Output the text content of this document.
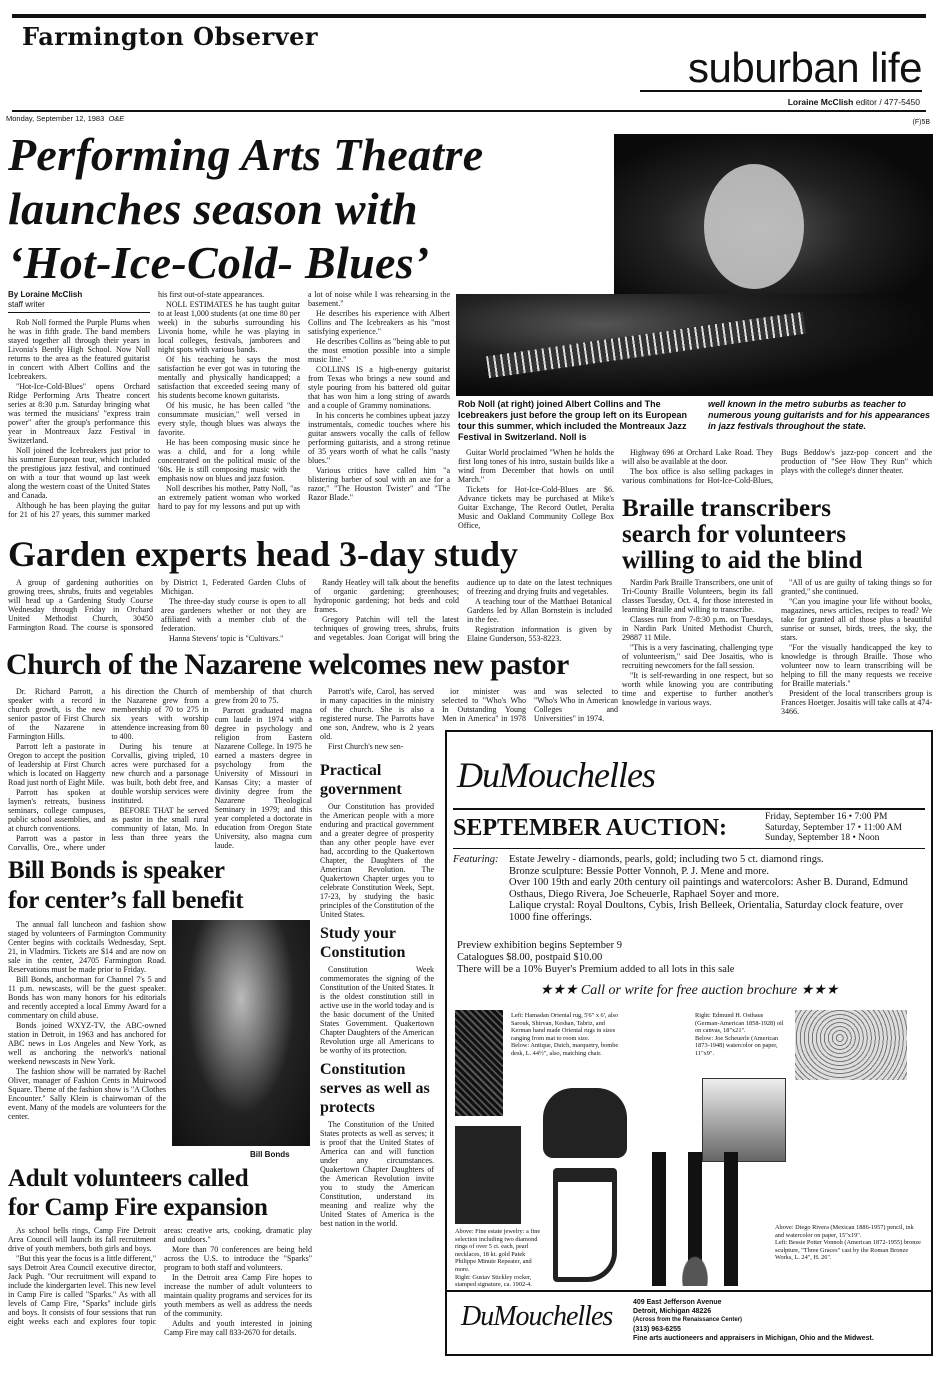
Farmington Observer
suburban life
Loraine McClish editor / 477-5450
Monday, September 12, 1983 O&E	(F)5B
Performing Arts Theatre
launches season with
‘Hot-Ice-Cold- Blues’
By Loraine McClish
staff writer

Rob Noll formed the Purple Plums when he was in fifth grade. The band members stayed together all through their years in Livonia's Bently High School. Now Noll returns to the area as the featured guitarist in concert with Albert Collins and the Icebreakers.

"Hot-Ice-Cold-Blues" opens Orchard Ridge Performing Arts Theatre concert series at 8:30 p.m. Saturday bringing what was termed the musicians' "express train power" after the group's performance this year in Montreaux Jazz Festival in Switzerland.

Noll joined the Icebreakers just prior to his summer European tour, which included the prestigious jazz festival, and continued on with a tour that wound up last week along the western coast of the United States and Canada.

Although he has been playing the guitar for 21 of his 27 years, this summer marked his first out-of-state appearances.

NOLL ESTIMATES he has taught guitar to at least 1,000 students (at one time 80 per week) in the suburbs surrounding his Livonia home, while he was playing in local colleges, festivals, jamborees and night spots with various bands.

Of his teaching he says the most satisfaction he ever got was in tutoring the mentally and physically handicapped; a satisfaction that exceeded seeing many of his students become known guitarists.

Of his music, he has been called "the consummate musician," well versed in every style, though blues was always the favorite.

He has been composing music since he was a child, and for a long while concentrated on the political music of the '60s. He is still composing music with the emphasis now on blues and jazz fusion.

Noll describes his mother, Patty Noll, "as an extremely patient woman who worked hard to pay for my lessons and put up with a lot of noise while I was rehearsing in the basement."

He describes his experience with Albert Collins and The Icebreakers as his "most satisfying experience."

He describes Collins as "being able to put the most emotion possible into a simple music line."

COLLINS IS a high-energy guitarist from Texas who brings a new sound and style pouring from his battered old guitar that has won him a long string of awards and a couple of Grammy nominations.

In his concerts he combines upbeat jazzy instrumentals, comedic touches where his guitar answers vocally the calls of fellow performing guitarists, and a strong retinue of 35 years worth of what he calls "nasty blues."

Various critics have called him "a blistering barber of soul with an axe for a razor," "The Houston Twister" and "The Razor Blade."

Rob Noll (at right) joined Albert Collins and The Icebreakers just before the group left on its European tour this summer, which included the Montreaux Jazz Festival in Switzerland. Noll is
well known in the metro suburbs as teacher to numerous young guitarists and for his appearances in jazz festivals throughout the state.

Guitar World proclaimed "When he holds the first long tones of his intro, sustain builds like a wind from December that howls on until March."

Tickets for Hot-Ice-Cold-Blues are $6. Advance tickets may be purchased at Mike's Guitar Exchange, The Record Outlet, Peralta Music and Oakland Community College Box Office,

Highway 696 at Orchard Lake Road. They will also be available at the door.

The box office is also selling packages in various combinations for Hot-Ice-Cold-Blues, Bugs Beddow's jazz-pop concert and the production of "See How They Run" which plays with the college's dinner theater.

Braille transcribers
search for volunteers
willing to aid the blind

Nardin Park Braille Transcribers, one unit of Tri-County Braille Volunteers, begin its fall classes Tuesday, Oct. 4, for those interested in learning Braille and willing to transcribe.

Classes run from 7-8:30 p.m. on Tuesdays, in Nardin Park United Methodist Church, 29887 11 Mile.

"This is a very fascinating, challenging type of volunteerism," said Dee Josaitis, who is recruiting newcomers for the fall session.

"It is self-rewarding in one respect, but so worth while knowing you are contributing time and expertise to further another's knowledge in various ways.

"All of us are guilty of taking things so for granted," she continued.

"Can you imagine your life without books, magazines, news articles, recipes to read? We take for granted all of those plus a beautiful sunrise or sunset, birds, trees, the sky, the stars.

"For the visually handicapped the key to knowledge is through Braille. Those who volunteer now to learn transcribing will be helping to fill the many requests we receive for Braille materials."

President of the local transcribers group is Frances Hoetger. Josaitis will take calls at 474-3466.

Garden experts head 3-day study

A group of gardening authorities on growing trees, shrubs, fruits and vegetables will head up a Gardening Study Course Wednesday through Friday in Orchard United Methodist Church, 30450 Farmington Road. The course is sponsored by District 1, Federated Garden Clubs of Michigan.

The three-day study course is open to all area gardeners whether or not they are affiliated with a member club of the federation.

Hanna Stevens' topic is "Cultivars."

Randy Heatley will talk about the benefits of organic gardening; greenhouses; hydroponic gardening; hot beds and cold frames.

Gregory Patchin will tell the latest techniques of growing trees, shrubs, fruits and vegetables. Joan Corigat will bring the audience up to date on the latest techniques of freezing and drying fruits and vegetables.

A teaching tour of the Matthaei Botanical Gardens led by Allan Bornstein is included in the fee.

Registration information is given by Elaine Gunderson, 553-8223.

Church of the Nazarene welcomes new pastor

Dr. Richard Parrott, a speaker with a record in church growth, is the new senior pastor of First Church of the Nazarene in Farmington Hills.

Parrott left a pastorate in Oregon to accept the position of leadership at First Church which is located on Haggerty Road just north of Eight Mile.

Parrott has spoken at laymen's retreats, business seminars, college campuses, public school assemblies, and at church conventions.

Parrott was a pastor in Corvallis, Ore., where under his direction the Church of the Nazarene grew from a membership of 70 to 275 in six years with worship attendence increasing from 80 to 400.

During his tenure at Corvallis, giving tripled, 10 acres were purchased for a new church and a parsonage was built, both debt free, and double worship services were instituted.

BEFORE THAT he served as pastor in the small rural community of Iatan, Mo. In less than three years the membership of that church grew from 20 to 75.

Parrott graduated magna cum laude in 1974 with a degree in psychology and religion from Eastern Nazarene College. In 1975 he earned a masters degree in psychology from the University of Missouri in Kansas City; a master of divinity degree from the Nazarene Theological Seminary in 1979; and this year completed a doctorate in education from Oregon State University, also magna cum laude.

Parrott's wife, Carol, has served in many capacities in the ministry of the church. She is also a registered nurse. The Parrotts have one son, Andrew, who is 2 years old.

First Church's new sen-

ior minister was selected to "Who's Who In Outstanding Young Men in America" in 1978 and was selected to "Who's Who in American Colleges and Universities" in 1974.

Practical government

Our Constitution has provided the American people with a more enduring and practical government and a greater degree of prosperity than any other people have ever had, according to the Quakertown Chapter, the Daughters of the American Revolution. The Quakertown Chapter urges you to celebrate Constitution Week, Sept. 17-23, by studying the basic principles of the Constitution of the United States.

Study your Constitution

Constitution Week commemorates the signing of the Constitution of the United States. It is the oldest constitution still in active use in the world today and is the basic document of the United States Government. Quakertown Chapter Daughters of the American Revolution urge all Americans to be worthy of its protection.

Constitution serves as well as protects

The Constitution of the United States protects as well as serves; it is proof that the United States of America can and will function under any circumstances. Quakertown Chapter Daughters of the American Revolution invite you to study the American Constitution, understand its meaning and realize why the United States of America is the best nation in the world.

Bill Bonds is speaker
for center’s fall benefit

The annual fall luncheon and fashion show staged by volunteers of Farmington Community Center begins with cocktails Wednesday, Sept. 21, in Vladmirs. Tickets are $14 and are now on sale in the center, 24705 Farmington Road. Reservations must be made prior to Friday.

Bill Bonds, anchorman for Channel 7's 5 and 11 p.m. newscasts, will be the guest speaker. Bonds has won many honors for his editorials and recently accepted a local Emmy Award for a commentary on child abuse.

Bonds joined WXYZ-TV, the ABC-owned station in Detroit, in 1963 and has anchored for ABC news in Los Angeles and New York, as well as anchoring the network's national weekend newscasts in New York.

The fashion show will be narrated by Rachel Oliver, manager of Fashion Cents in Muirwood Square. Theme of the fashion show is "A Clothes Encounter." Sally Klein is chairwoman of the event. Many of the models are volunteers for the center.

Bill Bonds
Adult volunteers called
for Camp Fire expansion

As school bells rings, Camp Fire Detroit Area Council will launch its fall recruitment drive of youth members, both girls and boys.

"But this year the focus is a little different," says Detroit Area Council executive director, Jack Pugh. "Our recruitment will expand to include the kindergarten level. This new level in Camp Fire is called "Sparks." As with all levels of Camp Fire, "Sparks" include girls and boys. It consists of four sessions that run eight weeks each and explores four topic areas: creative arts, cooking, dramatic play and outdoors."

More than 70 conferences are being held across the U.S. to introduce the "Sparks" program to both staff and volunteers.

In the Detroit area Camp Fire hopes to increase the number of adult volunteers to maintain quality programs and services for its youth members as well as address the needs of the community.

Adults and youth interested in joining Camp Fire may call 833-2670 for details.

DuMouchelles
SEPTEMBER AUCTION:	Friday, September 16 • 7:00 PM
Saturday, September 17 • 11:00 AM
Sunday, September 18 • Noon
Featuring: Estate Jewelry - diamonds, pearls, gold; including two 5 ct. diamond rings.
Bronze sculpture: Bessie Potter Vonnoh, P. J. Mene and more.
Over 100 19th and early 20th century oil paintings and watercolors: Asher B. Durand, Edmund Osthaus, Diego Rivera, Joe Scheuerle, Raphael Soyer and more.
Lalique crystal: Royal Doultons, Cybis, Irish Belleek, Orientalia, Saturday clock feature, over 1000 fine offerings.
Preview exhibition begins September 9
Catalogues $8.00, postpaid $10.00
There will be a 10% Buyer's Premium added to all lots in this sale
★★★ Call or write for free auction brochure ★★★
Left: Hamadan Oriental rug, 5'6" x 6', also Sarouk, Shirvan, Keshan, Tabriz, and Kerman hand made Oriental rugs in sizes ranging from mat to room size.
Below: Antique, Dutch, marquetry, bombe desk, L. 44½", also, matching chair.
Right: Edmund H. Osthaus (German-American 1858-1928) oil on canvas, 18"x21".
Below: Joe Scheuerle (American 1873-1948) watercolor on paper, 11"x9".
Above: Fine estate jewelry: a fine selection including two diamond rings of over 5 ct. each, pearl necklaces, 18 kt. gold Patek Philippe Minute Repeater, and more.
Right: Gustav Stickley rocker, stamped signature, ca. 1902-4.
Above: Diego Rivera (Mexican 1886-1957) pencil, ink and watercolor on paper, 15"x19".
Left: Bessie Potter Vonnoh (American 1872-1955) bronze sculpture, "Three Graces" cast by the Roman Bronze Works, L. 24", H. 26".
DuMouchelles	409 East Jefferson Avenue
Detroit, Michigan 48226
(Across from the Renaissance Center)
(313) 963-6255
Fine arts auctioneers and appraisers in Michigan, Ohio and the Midwest.
